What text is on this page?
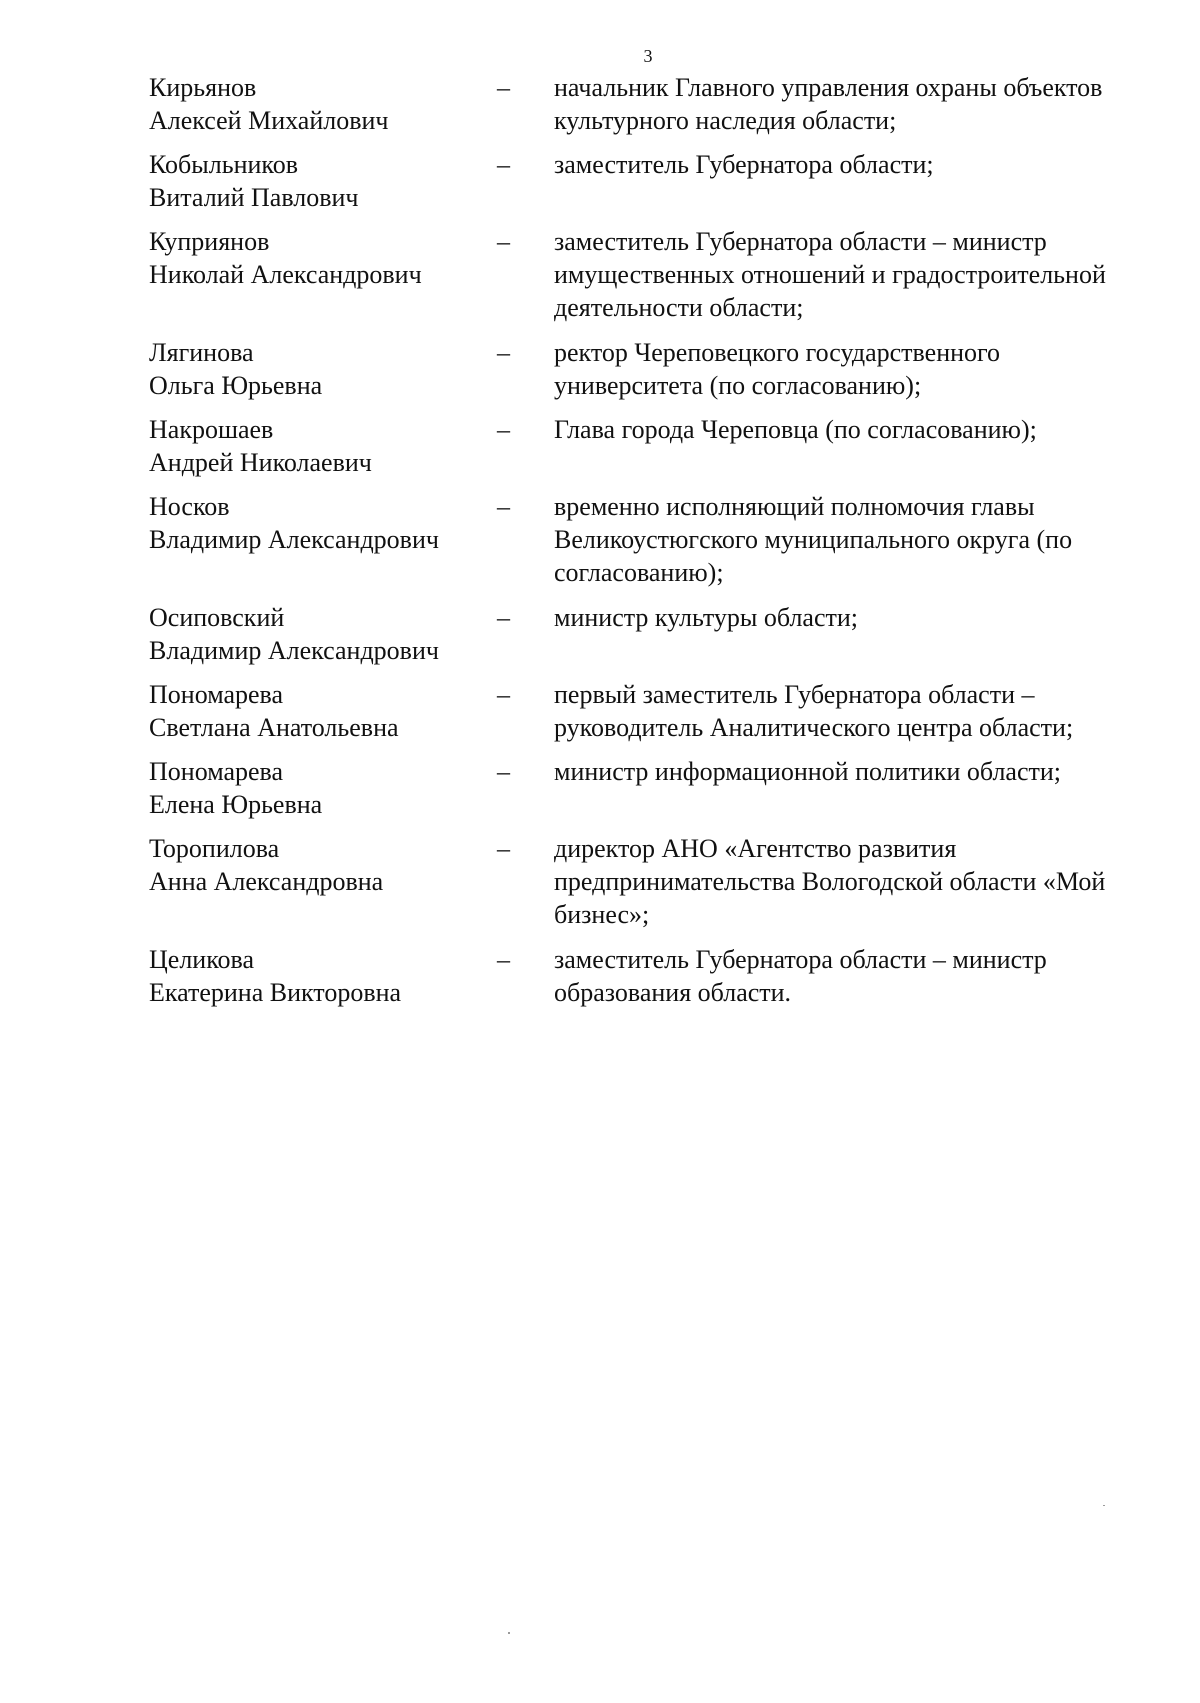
3
Кирьянов
Алексей Михайлович
–	начальник Главного управления охраны объектов культурного наследия области;
Кобыльников
Виталий Павлович
–	заместитель Губернатора области;
Куприянов
Николай Александрович
–	заместитель Губернатора области – министр имущественных отношений и градостроительной деятельности области;
Лягинова
Ольга Юрьевна
–	ректор Череповецкого государственного университета (по согласованию);
Накрошаев
Андрей Николаевич
–	Глава города Череповца (по согласованию);
Носков
Владимир Александрович
–	временно исполняющий полномочия главы Великоустюгского муниципального округа (по согласованию);
Осиповский
Владимир Александрович
–	министр культуры области;
Пономарева
Светлана Анатольевна
–	первый заместитель Губернатора области – руководитель Аналитического центра области;
Пономарева
Елена Юрьевна
–	министр информационной политики области;
Торопилова
Анна Александровна
–	директор АНО «Агентство развития предпринимательства Вологодской области «Мой бизнес»;
Целикова
Екатерина Викторовна
–	заместитель Губернатора области – министр образования области.
